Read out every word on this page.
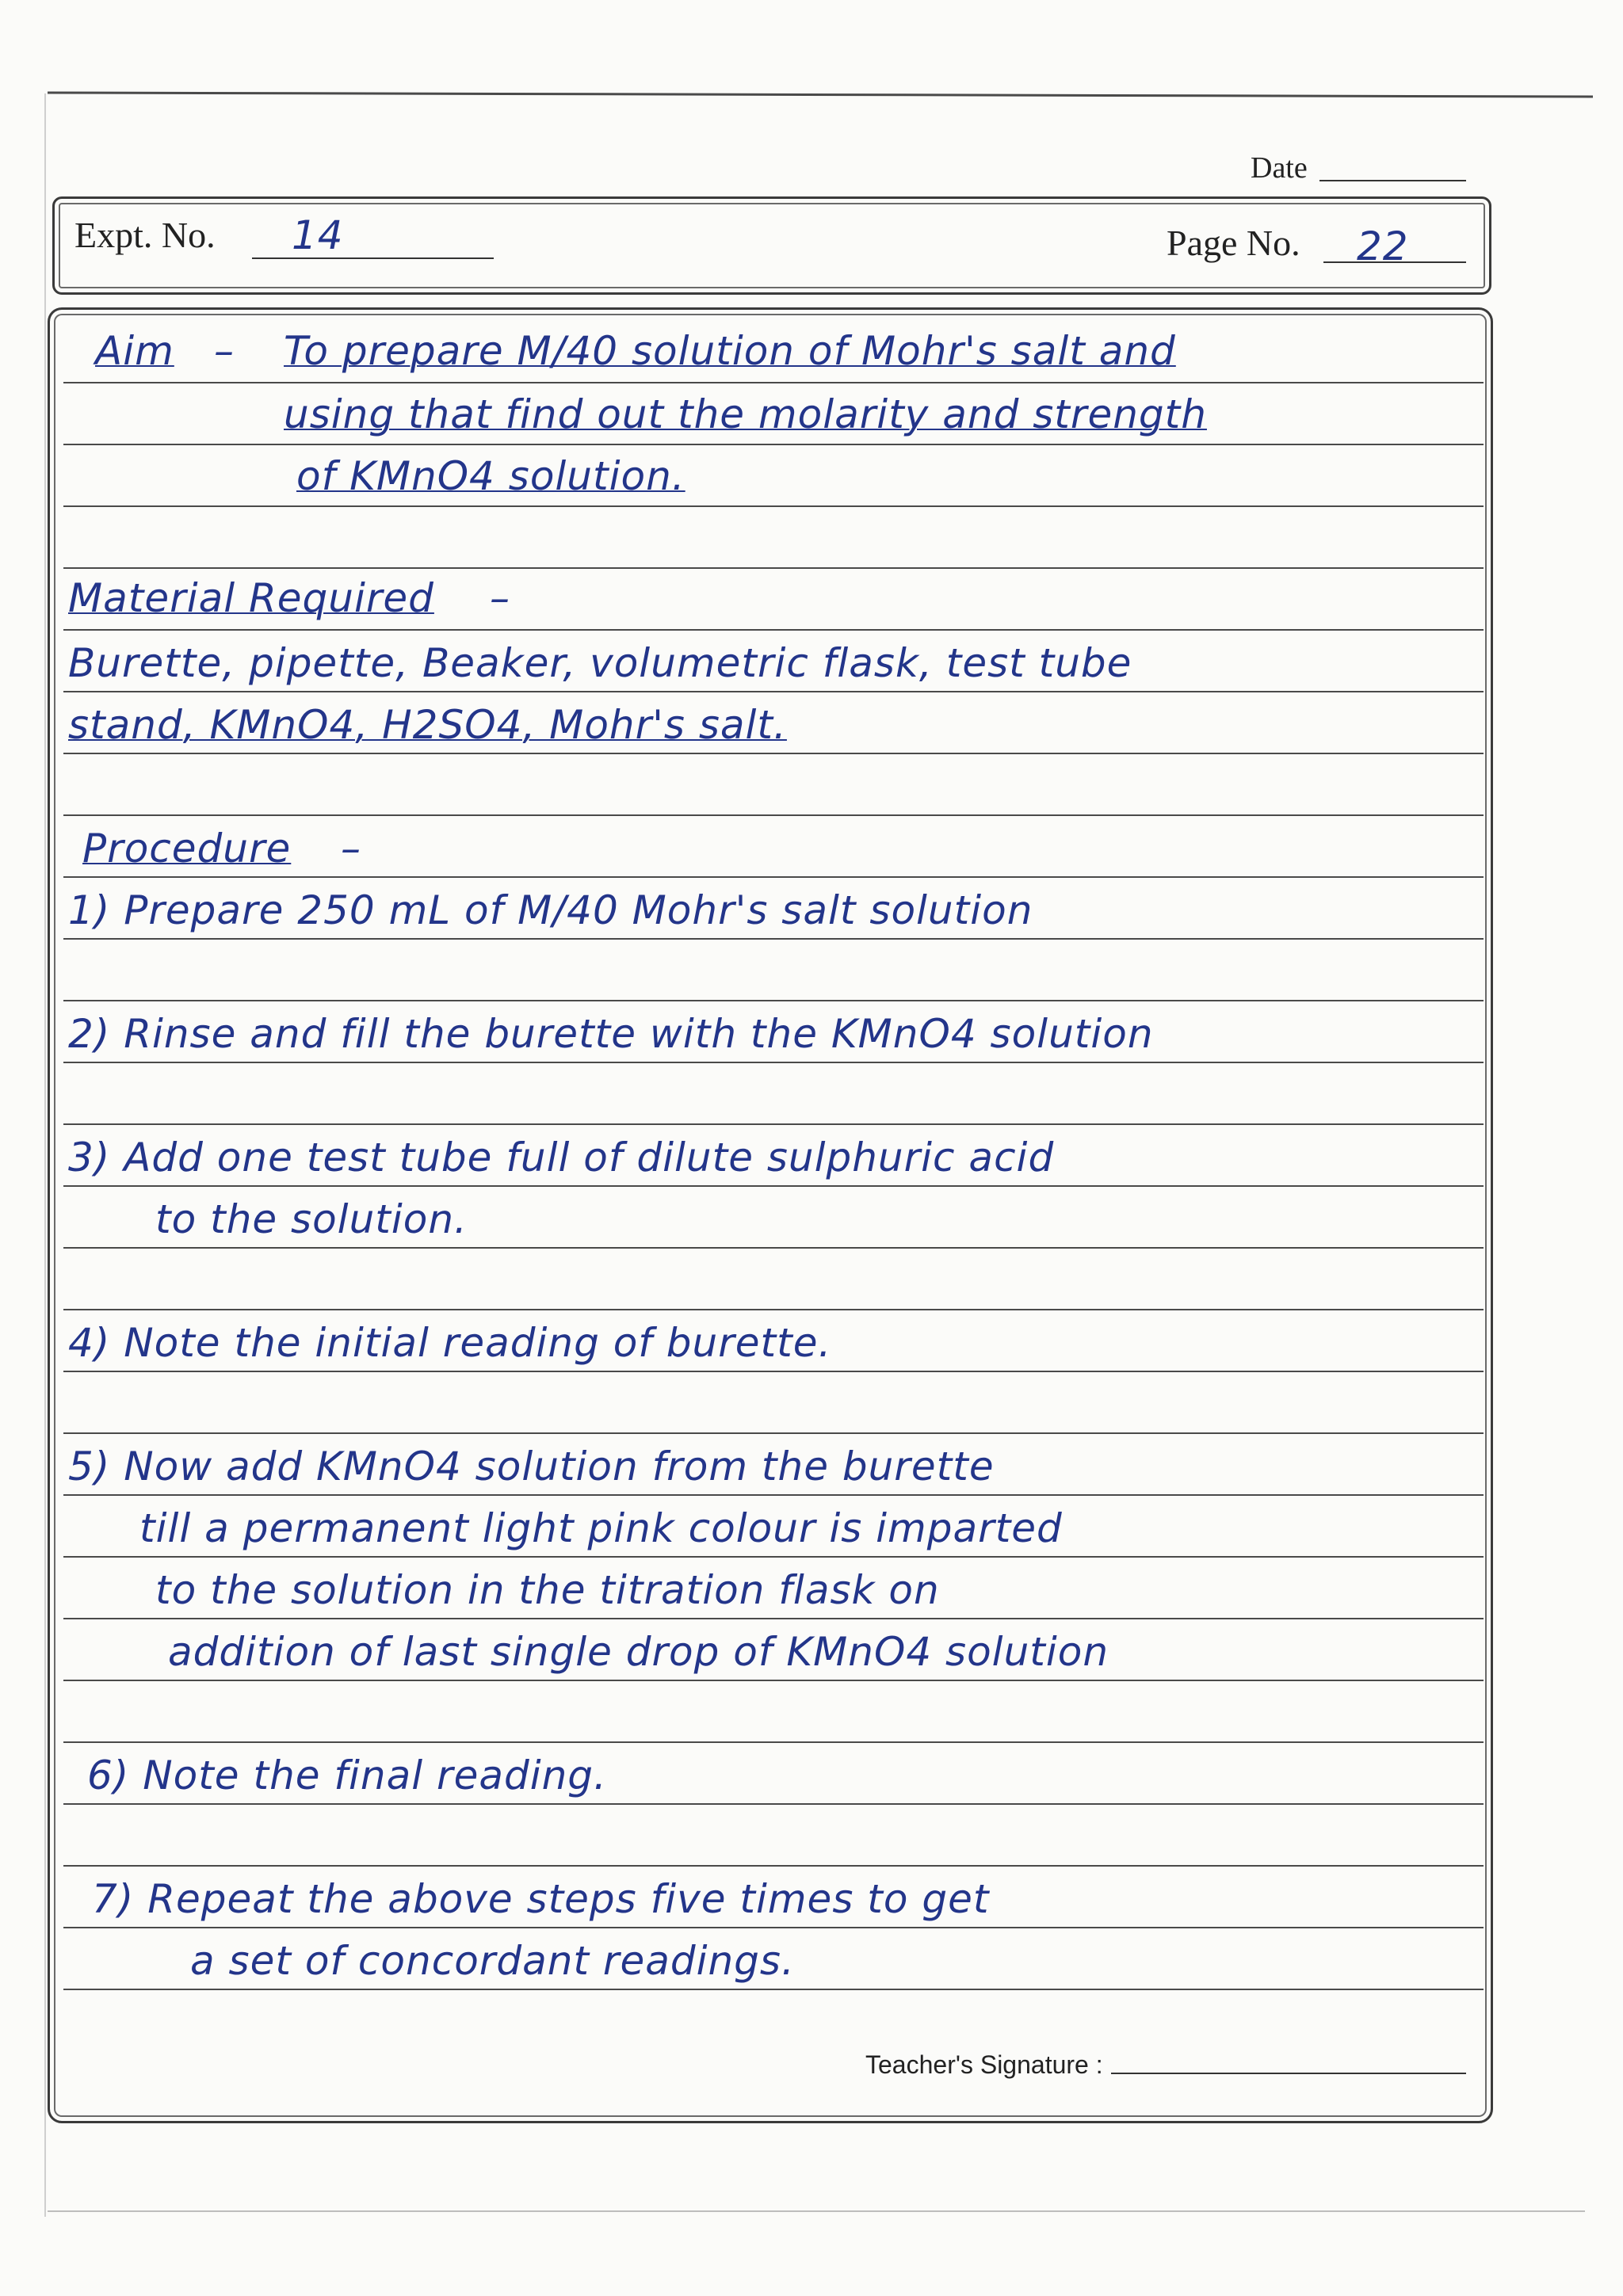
Date
Expt. No. 14	Page No. 22
Aim – To prepare M/40 solution of Mohr's salt and
using that find out the molarity and strength
of KMnO4 solution.
Material Required –
Burette, pipette, Beaker, volumetric flask, test tube
stand, KMnO4, H2SO4, Mohr's salt.
Procedure –
1) Prepare 250 mL of M/40 Mohr's salt solution
2) Rinse and fill the burette with the KMnO4 solution
3) Add one test tube full of dilute sulphuric acid
to the solution.
4) Note the initial reading of burette.
5) Now add KMnO4 solution from the burette
till a permanent light pink colour is imparted
to the solution in the titration flask on
addition of last single drop of KMnO4 solution
6) Note the final reading.
7) Repeat the above steps five times to get
a set of concordant readings.
Teacher's Signature :
